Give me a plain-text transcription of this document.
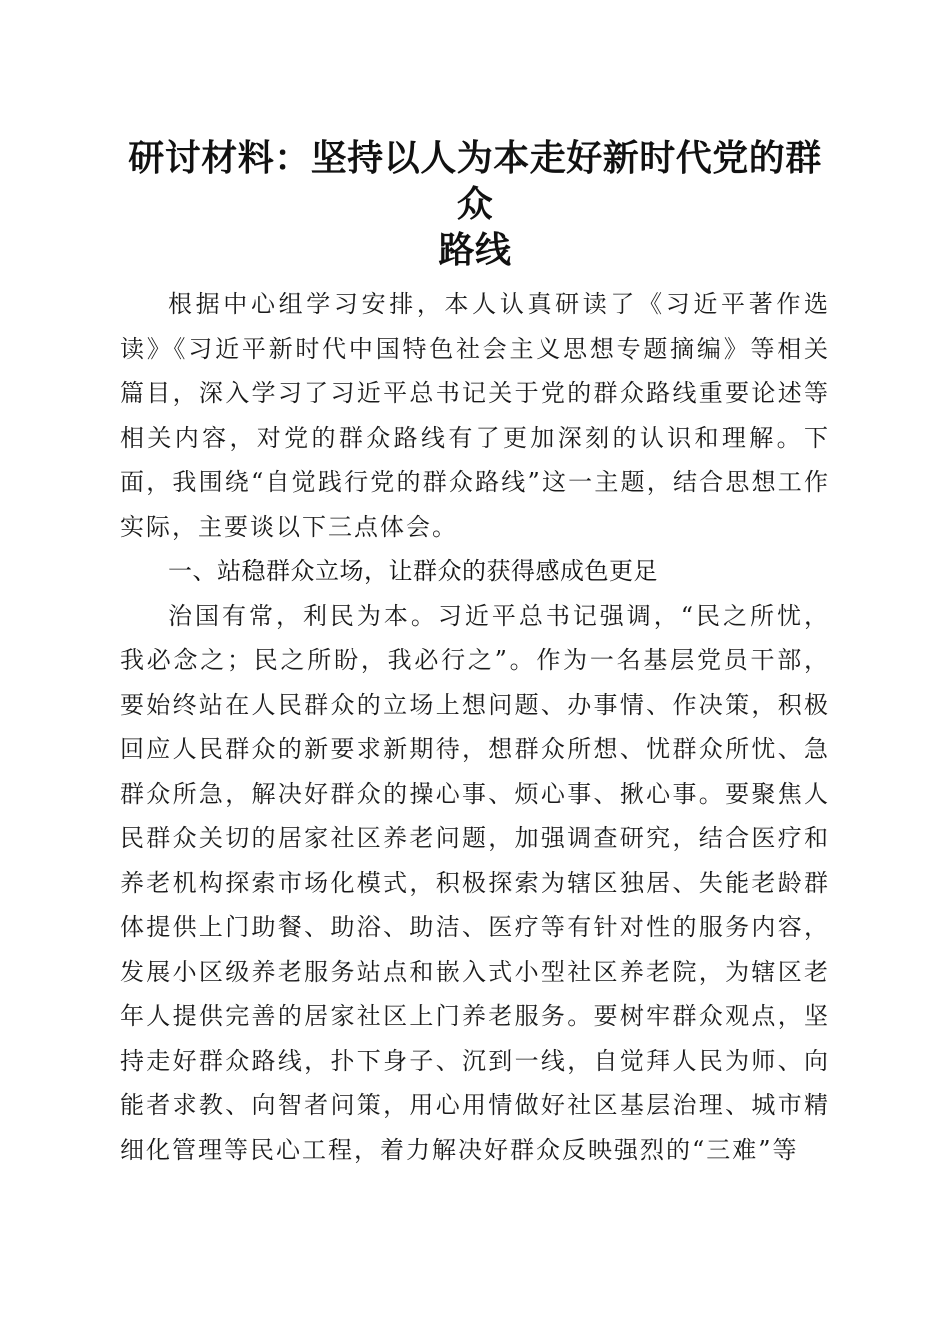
研讨材料：坚持以人为本走好新时代党的群众
路线

根据中心组学习安排，本人认真研读了《习近平著作选读》《习近平新时代中国特色社会主义思想专题摘编》等相关篇目，深入学习了习近平总书记关于党的群众路线重要论述等相关内容，对党的群众路线有了更加深刻的认识和理解。下面，我围绕“自觉践行党的群众路线”这一主题，结合思想工作实际，主要谈以下三点体会。

一、站稳群众立场，让群众的获得感成色更足

治国有常，利民为本。习近平总书记强调，“民之所忧，我必念之；民之所盼，我必行之”。作为一名基层党员干部，要始终站在人民群众的立场上想问题、办事情、作决策，积极回应人民群众的新要求新期待，想群众所想、忧群众所忧、急群众所急，解决好群众的操心事、烦心事、揪心事。要聚焦人民群众关切的居家社区养老问题，加强调查研究，结合医疗和养老机构探索市场化模式，积极探索为辖区独居、失能老龄群体提供上门助餐、助浴、助洁、医疗等有针对性的服务内容，发展小区级养老服务站点和嵌入式小型社区养老院，为辖区老年人提供完善的居家社区上门养老服务。要树牢群众观点，坚持走好群众路线，扑下身子、沉到一线，自觉拜人民为师、向能者求教、向智者问策，用心用情做好社区基层治理、城市精细化管理等民心工程，着力解决好群众反映强烈的“三难”等
